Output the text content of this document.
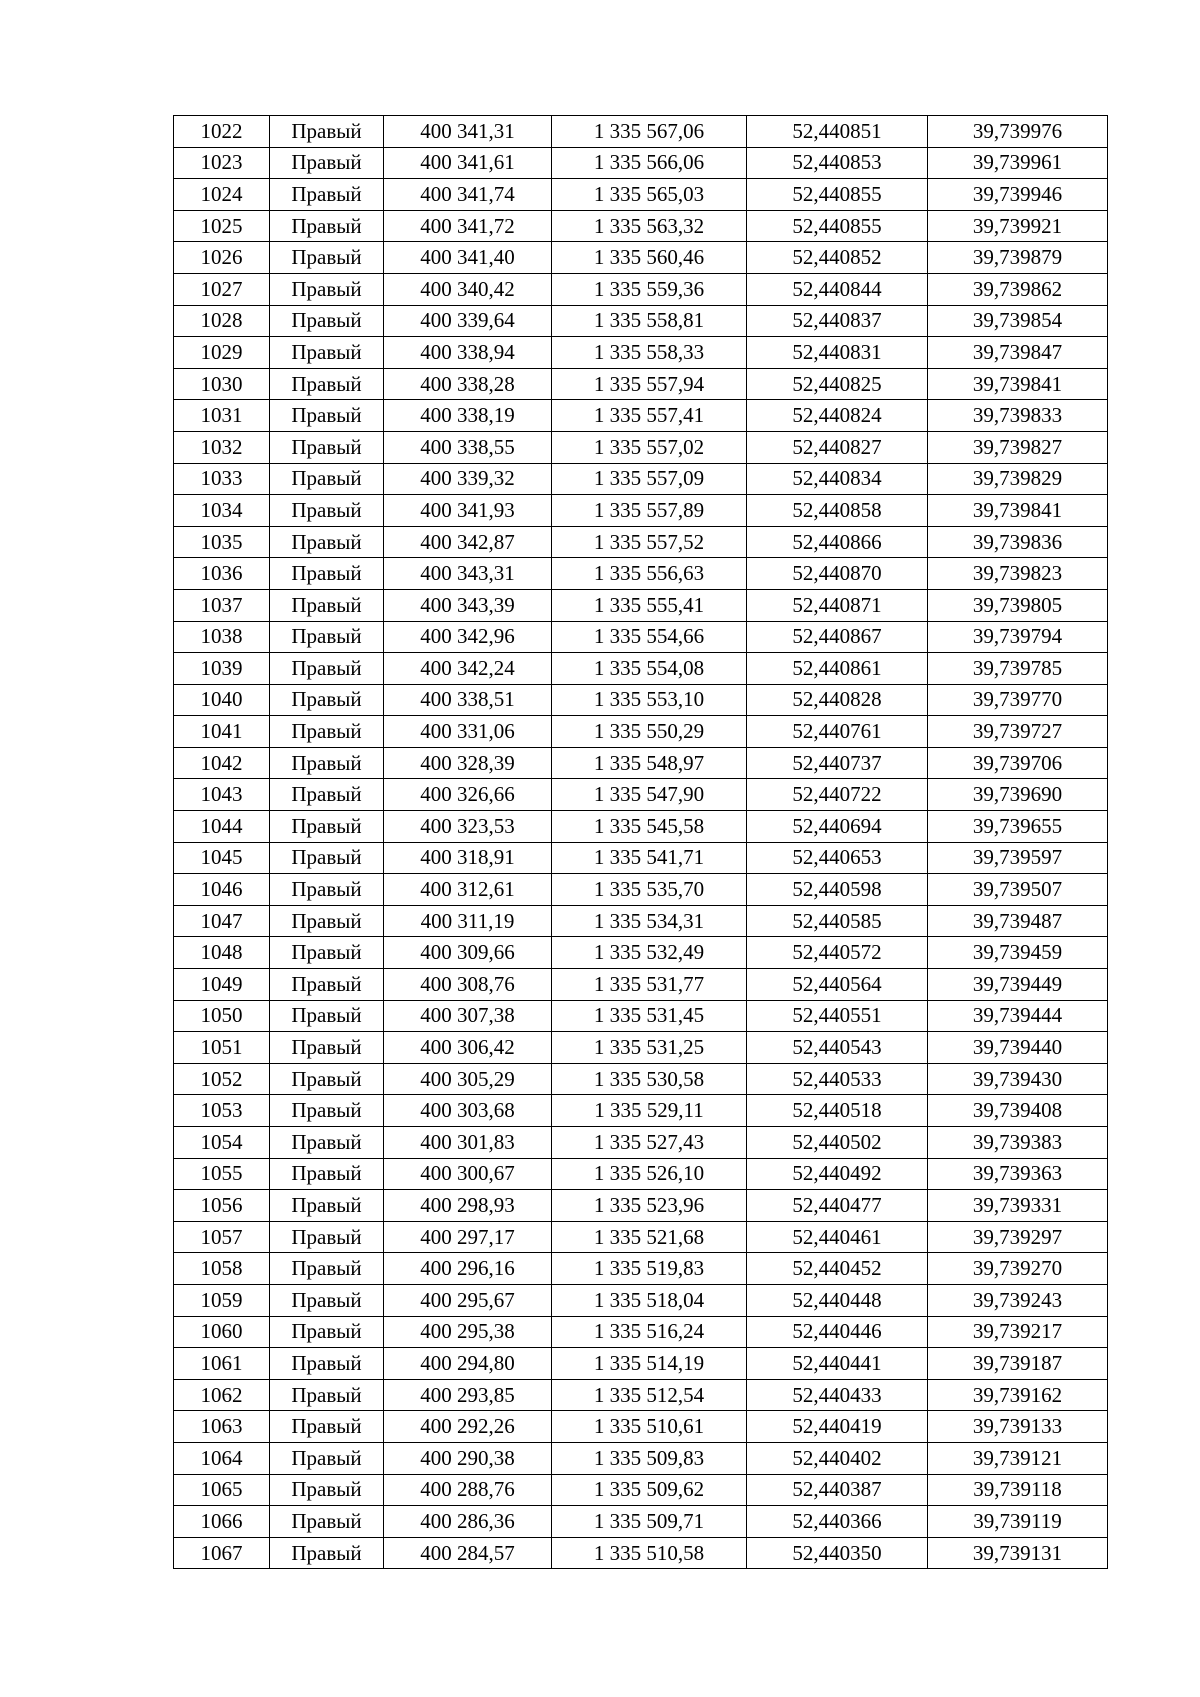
1022	Правый	400 341,31	1 335 567,06	52,440851	39,739976
1023	Правый	400 341,61	1 335 566,06	52,440853	39,739961
1024	Правый	400 341,74	1 335 565,03	52,440855	39,739946
1025	Правый	400 341,72	1 335 563,32	52,440855	39,739921
1026	Правый	400 341,40	1 335 560,46	52,440852	39,739879
1027	Правый	400 340,42	1 335 559,36	52,440844	39,739862
1028	Правый	400 339,64	1 335 558,81	52,440837	39,739854
1029	Правый	400 338,94	1 335 558,33	52,440831	39,739847
1030	Правый	400 338,28	1 335 557,94	52,440825	39,739841
1031	Правый	400 338,19	1 335 557,41	52,440824	39,739833
1032	Правый	400 338,55	1 335 557,02	52,440827	39,739827
1033	Правый	400 339,32	1 335 557,09	52,440834	39,739829
1034	Правый	400 341,93	1 335 557,89	52,440858	39,739841
1035	Правый	400 342,87	1 335 557,52	52,440866	39,739836
1036	Правый	400 343,31	1 335 556,63	52,440870	39,739823
1037	Правый	400 343,39	1 335 555,41	52,440871	39,739805
1038	Правый	400 342,96	1 335 554,66	52,440867	39,739794
1039	Правый	400 342,24	1 335 554,08	52,440861	39,739785
1040	Правый	400 338,51	1 335 553,10	52,440828	39,739770
1041	Правый	400 331,06	1 335 550,29	52,440761	39,739727
1042	Правый	400 328,39	1 335 548,97	52,440737	39,739706
1043	Правый	400 326,66	1 335 547,90	52,440722	39,739690
1044	Правый	400 323,53	1 335 545,58	52,440694	39,739655
1045	Правый	400 318,91	1 335 541,71	52,440653	39,739597
1046	Правый	400 312,61	1 335 535,70	52,440598	39,739507
1047	Правый	400 311,19	1 335 534,31	52,440585	39,739487
1048	Правый	400 309,66	1 335 532,49	52,440572	39,739459
1049	Правый	400 308,76	1 335 531,77	52,440564	39,739449
1050	Правый	400 307,38	1 335 531,45	52,440551	39,739444
1051	Правый	400 306,42	1 335 531,25	52,440543	39,739440
1052	Правый	400 305,29	1 335 530,58	52,440533	39,739430
1053	Правый	400 303,68	1 335 529,11	52,440518	39,739408
1054	Правый	400 301,83	1 335 527,43	52,440502	39,739383
1055	Правый	400 300,67	1 335 526,10	52,440492	39,739363
1056	Правый	400 298,93	1 335 523,96	52,440477	39,739331
1057	Правый	400 297,17	1 335 521,68	52,440461	39,739297
1058	Правый	400 296,16	1 335 519,83	52,440452	39,739270
1059	Правый	400 295,67	1 335 518,04	52,440448	39,739243
1060	Правый	400 295,38	1 335 516,24	52,440446	39,739217
1061	Правый	400 294,80	1 335 514,19	52,440441	39,739187
1062	Правый	400 293,85	1 335 512,54	52,440433	39,739162
1063	Правый	400 292,26	1 335 510,61	52,440419	39,739133
1064	Правый	400 290,38	1 335 509,83	52,440402	39,739121
1065	Правый	400 288,76	1 335 509,62	52,440387	39,739118
1066	Правый	400 286,36	1 335 509,71	52,440366	39,739119
1067	Правый	400 284,57	1 335 510,58	52,440350	39,739131
